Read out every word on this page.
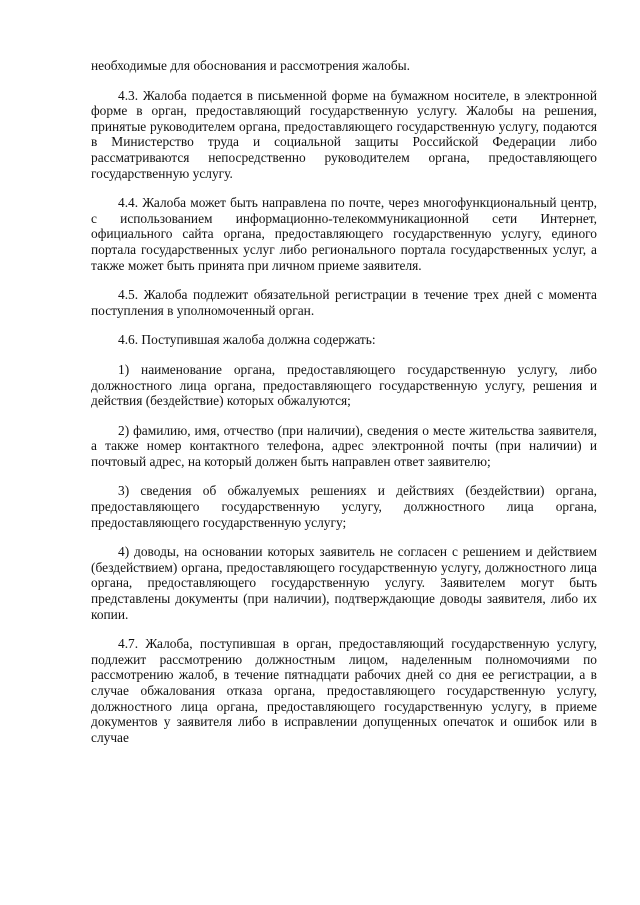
необходимые для обоснования и рассмотрения жалобы.

4.3. Жалоба подается в письменной форме на бумажном носителе, в электронной форме в орган, предоставляющий государственную услугу. Жалобы на решения, принятые руководителем органа, предоставляющего государственную услугу, подаются в Министерство труда и социальной защиты Российской Федерации либо рассматриваются непосредственно руководителем органа, предоставляющего государственную услугу.

4.4. Жалоба может быть направлена по почте, через многофункциональный центр, с использованием информационно-телекоммуникационной сети Интернет, официального сайта органа, предоставляющего государственную услугу, единого портала государственных услуг либо регионального портала государственных услуг, а также может быть принята при личном приеме заявителя.

4.5. Жалоба подлежит обязательной регистрации в течение трех дней с момента поступления в уполномоченный орган.

4.6. Поступившая жалоба должна содержать:

1) наименование органа, предоставляющего государственную услугу, либо должностного лица органа, предоставляющего государственную услугу, решения и действия (бездействие) которых обжалуются;

2) фамилию, имя, отчество (при наличии), сведения о месте жительства заявителя, а также номер контактного телефона, адрес электронной почты (при наличии) и почтовый адрес, на который должен быть направлен ответ заявителю;

3) сведения об обжалуемых решениях и действиях (бездействии) органа, предоставляющего государственную услугу, должностного лица органа, предоставляющего государственную услугу;

4) доводы, на основании которых заявитель не согласен с решением и действием (бездействием) органа, предоставляющего государственную услугу, должностного лица органа, предоставляющего государственную услугу. Заявителем могут быть представлены документы (при наличии), подтверждающие доводы заявителя, либо их копии.

4.7. Жалоба, поступившая в орган, предоставляющий государственную услугу, подлежит рассмотрению должностным лицом, наделенным полномочиями по рассмотрению жалоб, в течение пятнадцати рабочих дней со дня ее регистрации, а в случае обжалования отказа органа, предоставляющего государственную услугу, должностного лица органа, предоставляющего государственную услугу, в приеме документов у заявителя либо в исправлении допущенных опечаток и ошибок или в случае
